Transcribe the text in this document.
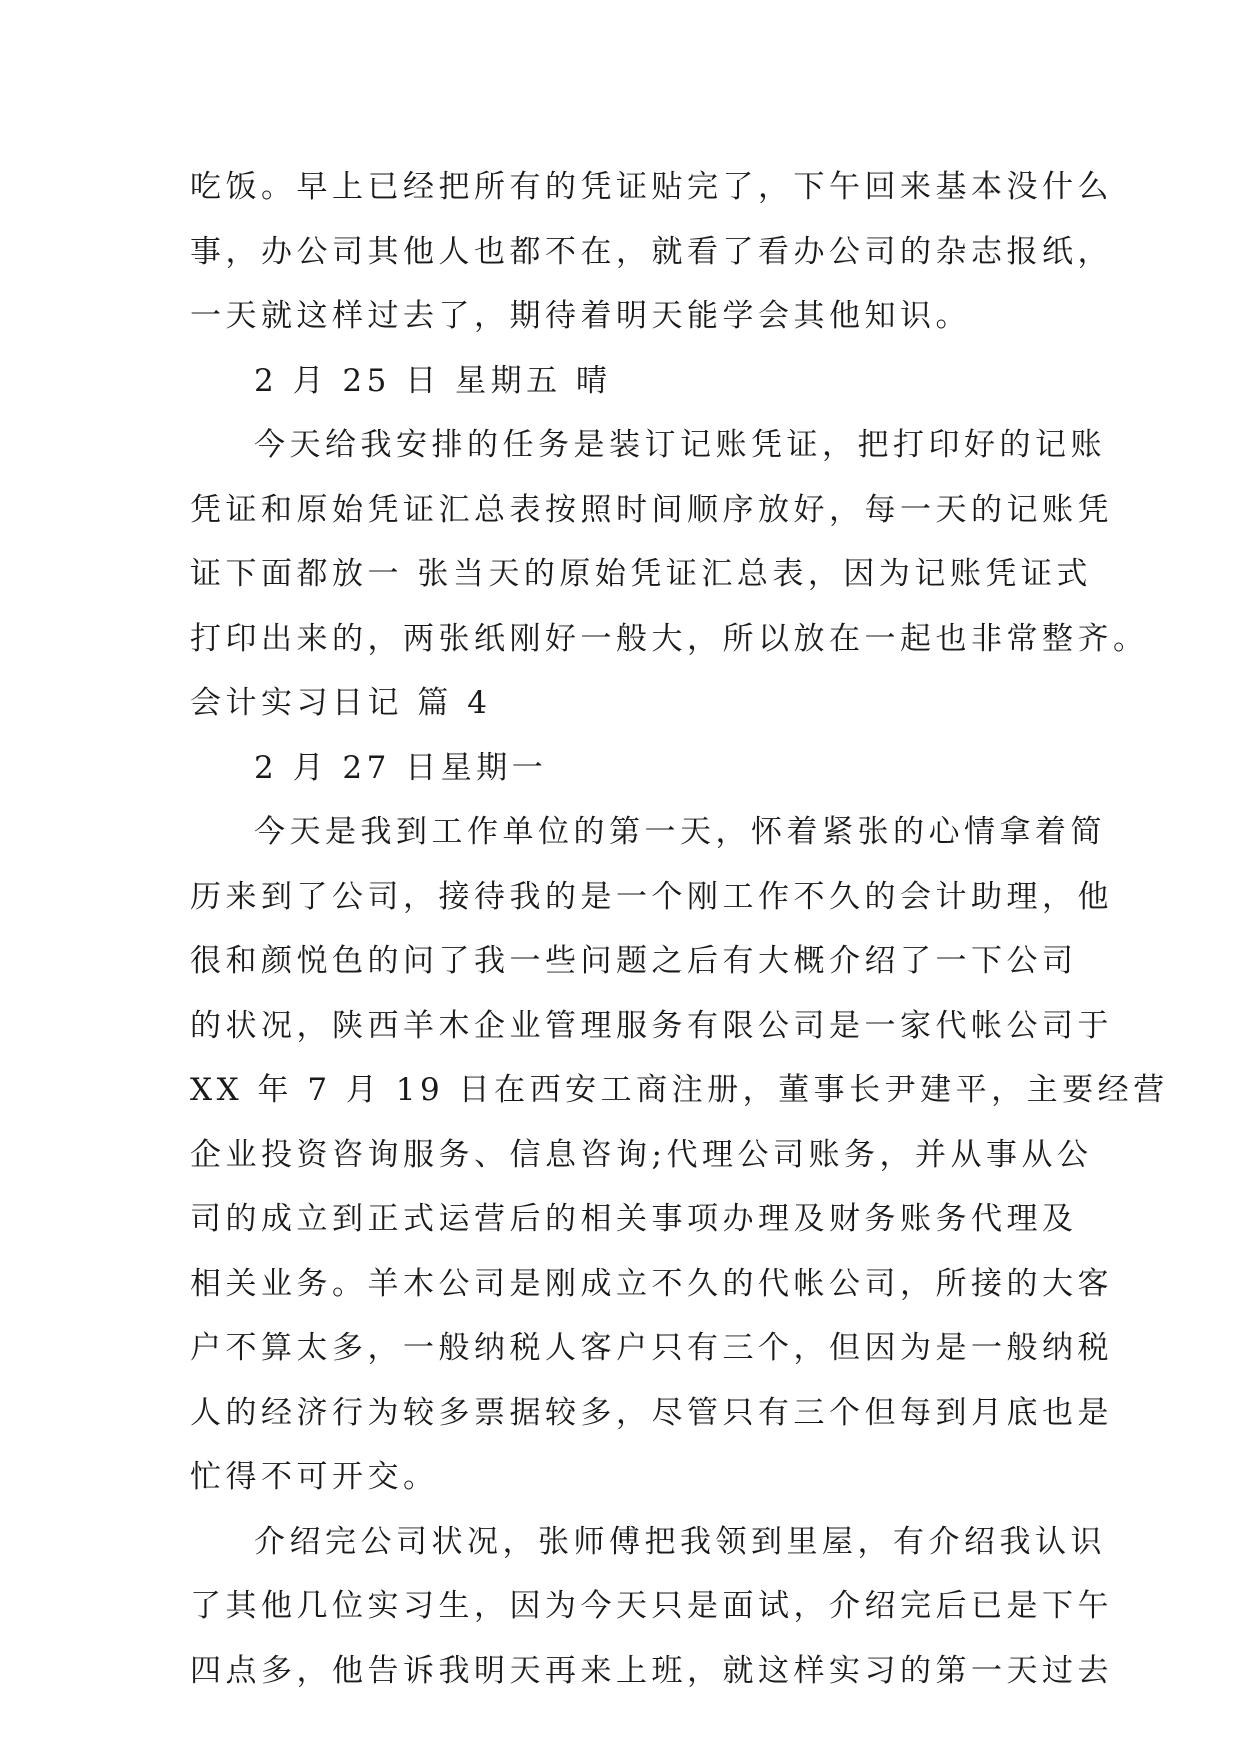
吃饭。早上已经把所有的凭证贴完了，下午回来基本没什么
事，办公司其他人也都不在，就看了看办公司的杂志报纸，
一天就这样过去了，期待着明天能学会其他知识。
2 月 25 日 星期五 晴
今天给我安排的任务是装订记账凭证，把打印好的记账
凭证和原始凭证汇总表按照时间顺序放好，每一天的记账凭
证下面都放一 张当天的原始凭证汇总表，因为记账凭证式
打印出来的，两张纸刚好一般大，所以放在一起也非常整齐。
会计实习日记 篇 4
2 月 27 日星期一
今天是我到工作单位的第一天，怀着紧张的心情拿着简
历来到了公司，接待我的是一个刚工作不久的会计助理，他
很和颜悦色的问了我一些问题之后有大概介绍了一下公司
的状况，陕西羊木企业管理服务有限公司是一家代帐公司于
XX 年 7 月 19 日在西安工商注册，董事长尹建平，主要经营
企业投资咨询服务、信息咨询;代理公司账务，并从事从公
司的成立到正式运营后的相关事项办理及财务账务代理及
相关业务。羊木公司是刚成立不久的代帐公司，所接的大客
户不算太多，一般纳税人客户只有三个，但因为是一般纳税
人的经济行为较多票据较多，尽管只有三个但每到月底也是
忙得不可开交。
介绍完公司状况，张师傅把我领到里屋，有介绍我认识
了其他几位实习生，因为今天只是面试，介绍完后已是下午
四点多，他告诉我明天再来上班，就这样实习的第一天过去
